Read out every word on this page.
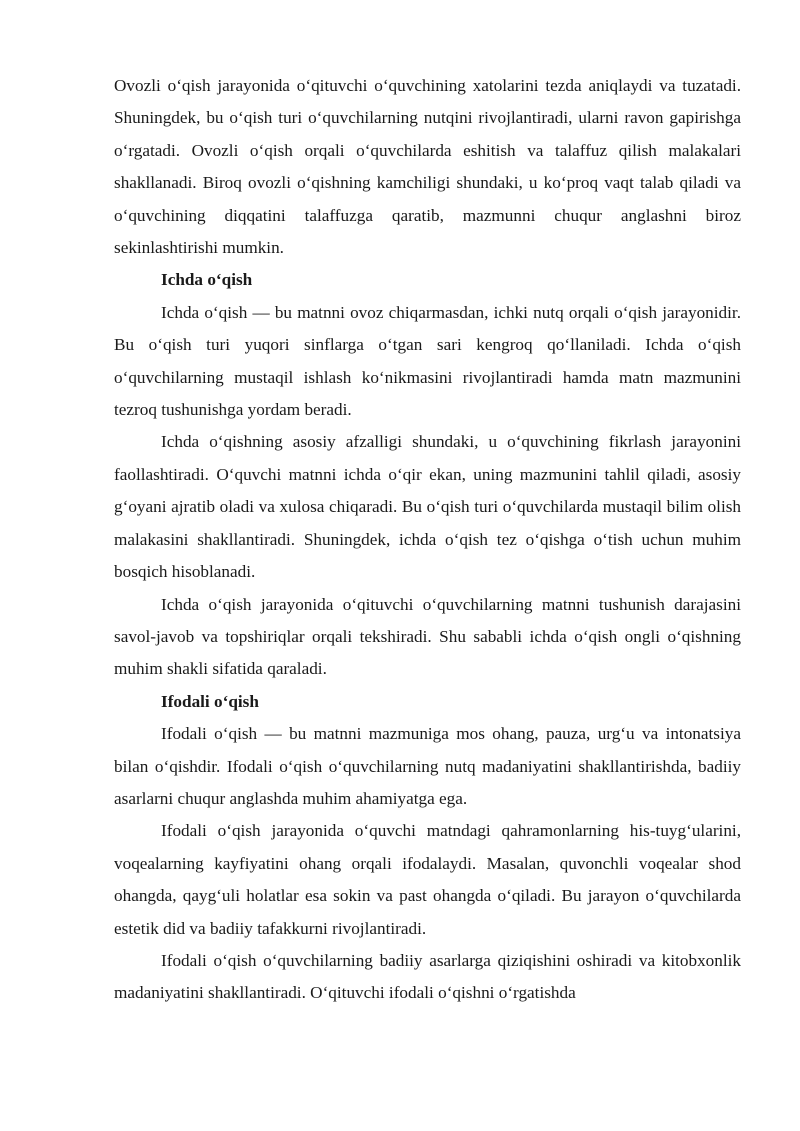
Ovozli o‘qish jarayonida o‘qituvchi o‘quvchining xatolarini tezda aniqlaydi va tuzatadi. Shuningdek, bu o‘qish turi o‘quvchilarning nutqini rivojlantiradi, ularni ravon gapirishga o‘rgatadi. Ovozli o‘qish orqali o‘quvchilarda eshitish va talaffuz qilish malakalari shakllanadi. Biroq ovozli o‘qishning kamchiligi shundaki, u ko‘proq vaqt talab qiladi va o‘quvchining diqqatini talaffuzga qaratib, mazmunni chuqur anglashni biroz sekinlashtirishi mumkin.

Ichda o‘qish

Ichda o‘qish — bu matnni ovoz chiqarmasdan, ichki nutq orqali o‘qish jarayonidir. Bu o‘qish turi yuqori sinflarga o‘tgan sari kengroq qo‘llaniladi. Ichda o‘qish o‘quvchilarning mustaqil ishlash ko‘nikmasini rivojlantiradi hamda matn mazmunini tezroq tushunishga yordam beradi.

Ichda o‘qishning asosiy afzalligi shundaki, u o‘quvchining fikrlash jarayonini faollashtiradi. O‘quvchi matnni ichda o‘qir ekan, uning mazmunini tahlil qiladi, asosiy g‘oyani ajratib oladi va xulosa chiqaradi. Bu o‘qish turi o‘quvchilarda mustaqil bilim olish malakasini shakllantiradi. Shuningdek, ichda o‘qish tez o‘qishga o‘tish uchun muhim bosqich hisoblanadi.

Ichda o‘qish jarayonida o‘qituvchi o‘quvchilarning matnni tushunish darajasini savol-javob va topshiriqlar orqali tekshiradi. Shu sababli ichda o‘qish ongli o‘qishning muhim shakli sifatida qaraladi.

Ifodali o‘qish

Ifodali o‘qish — bu matnni mazmuniga mos ohang, pauza, urg‘u va intonatsiya bilan o‘qishdir. Ifodali o‘qish o‘quvchilarning nutq madaniyatini shakllantirishda, badiiy asarlarni chuqur anglashda muhim ahamiyatga ega.

Ifodali o‘qish jarayonida o‘quvchi matndagi qahramonlarning his-tuyg‘ularini, voqealarning kayfiyatini ohang orqali ifodalaydi. Masalan, quvonchli voqealar shod ohangda, qayg‘uli holatlar esa sokin va past ohangda o‘qiladi. Bu jarayon o‘quvchilarda estetik did va badiiy tafakkurni rivojlantiradi.

Ifodali o‘qish o‘quvchilarning badiiy asarlarga qiziqishini oshiradi va kitobxonlik madaniyatini shakllantiradi. O‘qituvchi ifodali o‘qishni o‘rgatishda
